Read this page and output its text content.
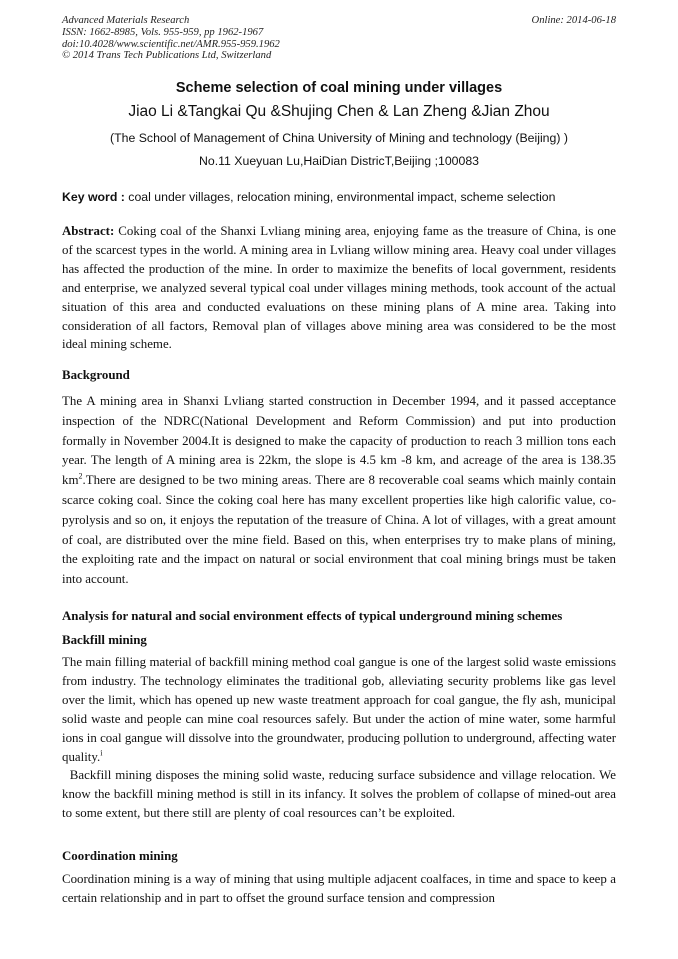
Advanced Materials Research
ISSN: 1662-8985, Vols. 955-959, pp 1962-1967
doi:10.4028/www.scientific.net/AMR.955-959.1962
© 2014 Trans Tech Publications Ltd, Switzerland
Online: 2014-06-18
Scheme selection of coal mining under villages
Jiao Li &Tangkai Qu &Shujing Chen & Lan Zheng &Jian Zhou
(The School of Management of China University of Mining and technology (Beijing) )
No.11 Xueyuan Lu,HaiDian DistricT,Beijing ;100083
Key word : coal under villages, relocation mining, environmental impact, scheme selection

Abstract: Coking coal of the Shanxi Lvliang mining area, enjoying fame as the treasure of China, is one of the scarcest types in the world. A mining area in Lvliang willow mining area. Heavy coal under villages has affected the production of the mine. In order to maximize the benefits of local government, residents and enterprise, we analyzed several typical coal under villages mining methods, took account of the actual situation of this area and conducted evaluations on these mining plans of A mine area. Taking into consideration of all factors, Removal plan of villages above mining area was considered to be the most ideal mining scheme.

Background

The A mining area in Shanxi Lvliang started construction in December 1994, and it passed acceptance inspection of the NDRC(National Development and Reform Commission) and put into production formally in November 2004.It is designed to make the capacity of production to reach 3 million tons each year. The length of A mining area is 22km, the slope is 4.5 km -8 km, and acreage of the area is 138.35 $km^2.There$ are designed to be two mining areas. There are 8 recoverable coal seams which mainly contain scarce coking coal. Since the coking coal here has many excellent properties like high calorific value, co-pyrolysis and so on, it enjoys the reputation of the treasure of China. A lot of villages, with a great amount of coal, are distributed over the mine field. Based on this, when enterprises try to make plans of mining, the exploiting rate and the impact on natural or social environment that coal mining brings must be taken into account.

Analysis for natural and social environment effects of typical underground mining schemes

Backfill mining

The main filling material of backfill mining method coal gangue is one of the largest solid waste emissions from industry. The technology eliminates the traditional gob, alleviating security problems like gas level over the limit, which has opened up new waste treatment approach for coal gangue, the fly ash, municipal solid waste and people can mine coal resources safely. But under the action of mine water, some harmful ions in coal gangue will dissolve into the groundwater, producing pollution to underground, affecting water quality.$^i$

Backfill mining disposes the mining solid waste, reducing surface subsidence and village relocation. We know the backfill mining method is still in its infancy. It solves the problem of collapse of mined-out area to some extent, but there still are plenty of coal resources can’t be exploited.

Coordination mining

Coordination mining is a way of mining that using multiple adjacent coalfaces, in time and space to keep a certain relationship and in part to offset the ground surface tension and compression
